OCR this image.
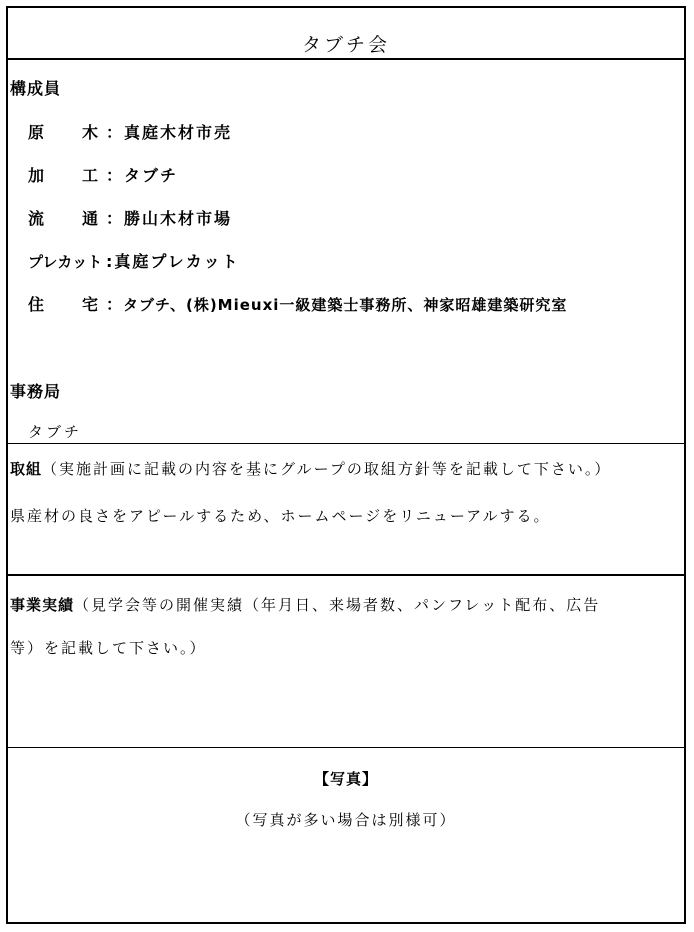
タブチ会
構成員
原　　木 ：真庭木材市売
加　　工 ：タブチ
流　　通 ：勝山木材市場
プレカット :真庭プレカット
住　　宅 ：タブチ、(株)Mieuxi一級建築士事務所、神家昭雄建築研究室
事務局
タブチ
取組（実施計画に記載の内容を基にグループの取組方針等を記載して下さい。）
県産材の良さをアピールするため、ホームページをリニューアルする。
事業実績（見学会等の開催実績（年月日、来場者数、パンフレット配布、広告
等）を記載して下さい。）
【写真】
（写真が多い場合は別様可）
